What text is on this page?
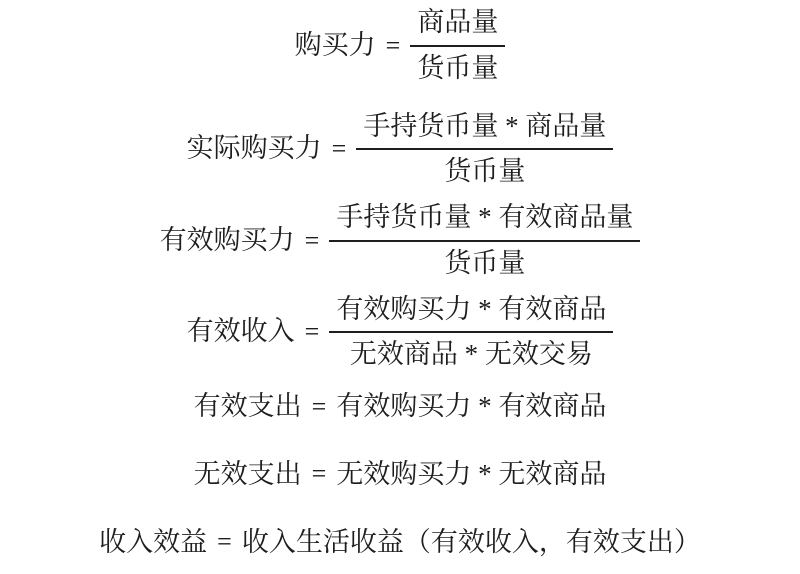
购买力 = $\frac{\text{商品量}}{\text{货币量}}$
实际购买力 = $\frac{\text{手持货币量 * 商品量}}{\text{货币量}}$
有效购买力 = $\frac{\text{手持货币量 * 有效商品量}}{\text{货币量}}$
有效收入 = $\frac{\text{有效购买力 * 有效商品}}{\text{无效商品 * 无效交易}}$
有效支出 = 有效购买力 * 有效商品
无效支出 = 无效购买力 * 无效商品
收入效益 = 收入生活收益（有效收入，有效支出）
